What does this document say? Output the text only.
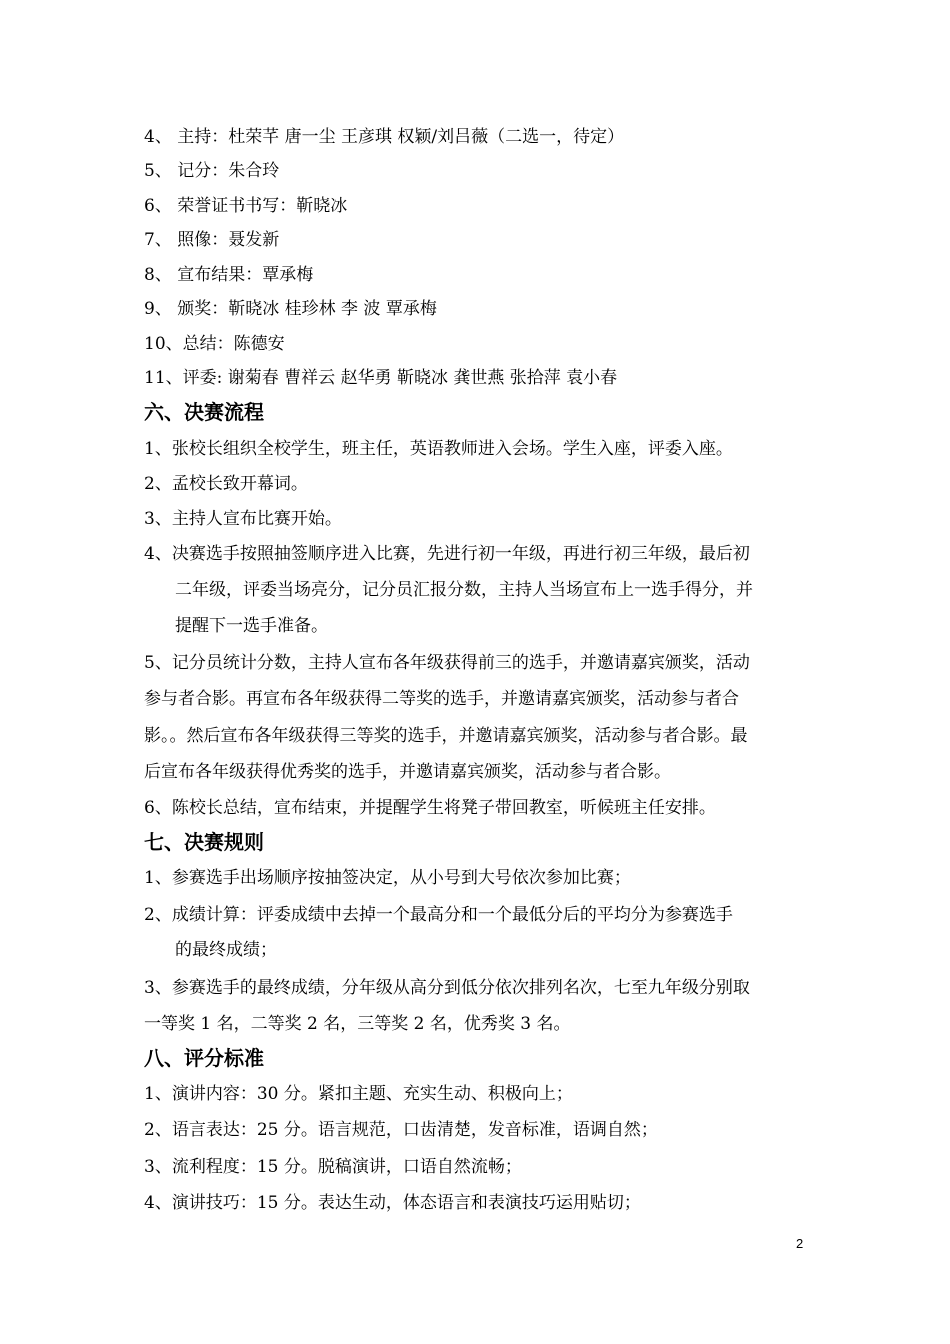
4、 主持：杜荣芊 唐一尘 王彦琪 权颖/刘吕薇（二选一，待定）
5、 记分：朱合玲
6、 荣誉证书书写：靳晓冰
7、 照像：聂发新
8、 宣布结果：覃承梅
9、 颁奖：靳晓冰 桂珍林 李 波 覃承梅
10、总结：陈德安
11、评委: 谢菊春 曹祥云 赵华勇 靳晓冰 龚世燕 张拾萍 袁小春
六、决赛流程
1、张校长组织全校学生，班主任，英语教师进入会场。学生入座，评委入座。
2、孟校长致开幕词。
3、主持人宣布比赛开始。
4、决赛选手按照抽签顺序进入比赛，先进行初一年级，再进行初三年级，最后初
二年级，评委当场亮分，记分员汇报分数，主持人当场宣布上一选手得分，并
提醒下一选手准备。
5、记分员统计分数，主持人宣布各年级获得前三的选手，并邀请嘉宾颁奖，活动
参与者合影。再宣布各年级获得二等奖的选手，并邀请嘉宾颁奖，活动参与者合
影。。然后宣布各年级获得三等奖的选手，并邀请嘉宾颁奖，活动参与者合影。最
后宣布各年级获得优秀奖的选手，并邀请嘉宾颁奖，活动参与者合影。
6、陈校长总结，宣布结束，并提醒学生将凳子带回教室，听候班主任安排。
七、决赛规则
1、参赛选手出场顺序按抽签决定，从小号到大号依次参加比赛；
2、成绩计算：评委成绩中去掉一个最高分和一个最低分后的平均分为参赛选手
的最终成绩；
3、参赛选手的最终成绩，分年级从高分到低分依次排列名次，七至九年级分别取
一等奖 1 名，二等奖 2 名，三等奖 2 名，优秀奖 3 名。
八、评分标准
1、演讲内容：30 分。紧扣主题、充实生动、积极向上；
2、语言表达：25 分。语言规范，口齿清楚，发音标准，语调自然；
3、流利程度：15 分。脱稿演讲，口语自然流畅；
4、演讲技巧：15 分。表达生动，体态语言和表演技巧运用贴切；
2
